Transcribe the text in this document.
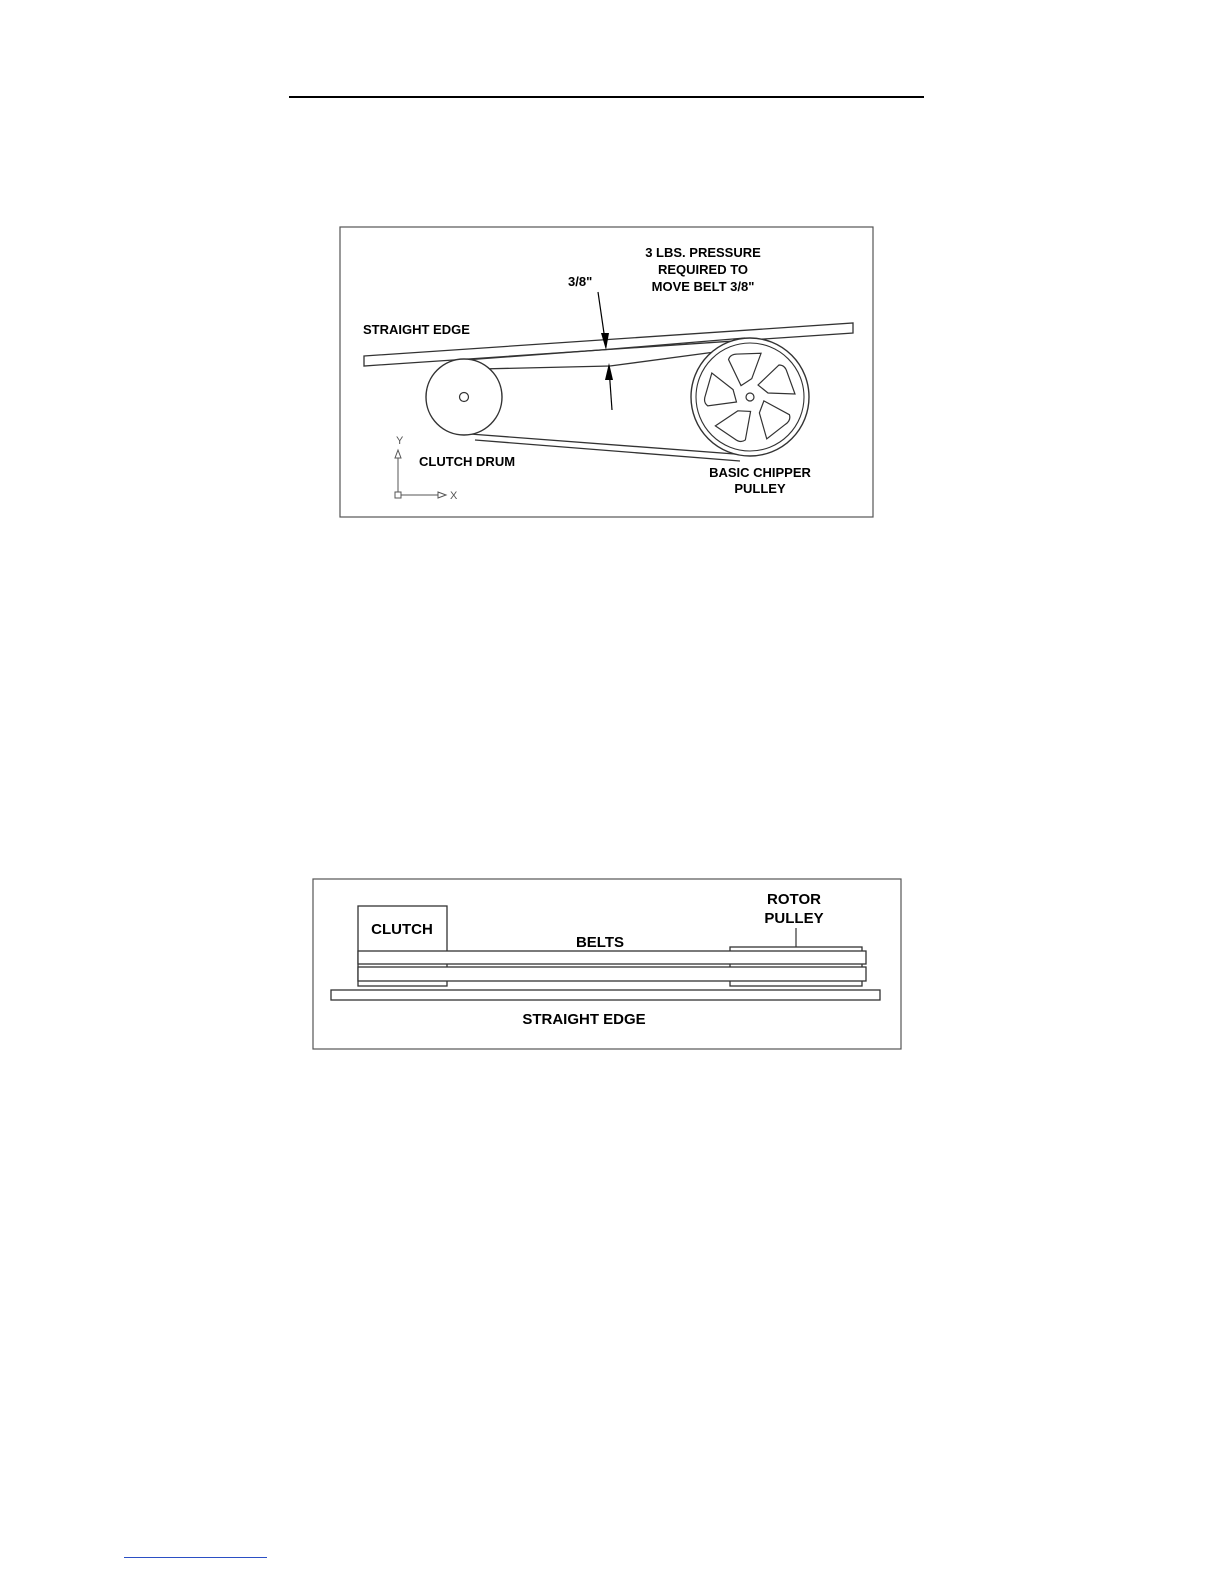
Y
X
3 LBS. PRESSURE
REQUIRED TO
MOVE BELT 3/8"
3/8"
STRAIGHT EDGE
CLUTCH DRUM
BASIC CHIPPER
PULLEY
CLUTCH
BELTS
ROTOR
PULLEY
STRAIGHT EDGE
